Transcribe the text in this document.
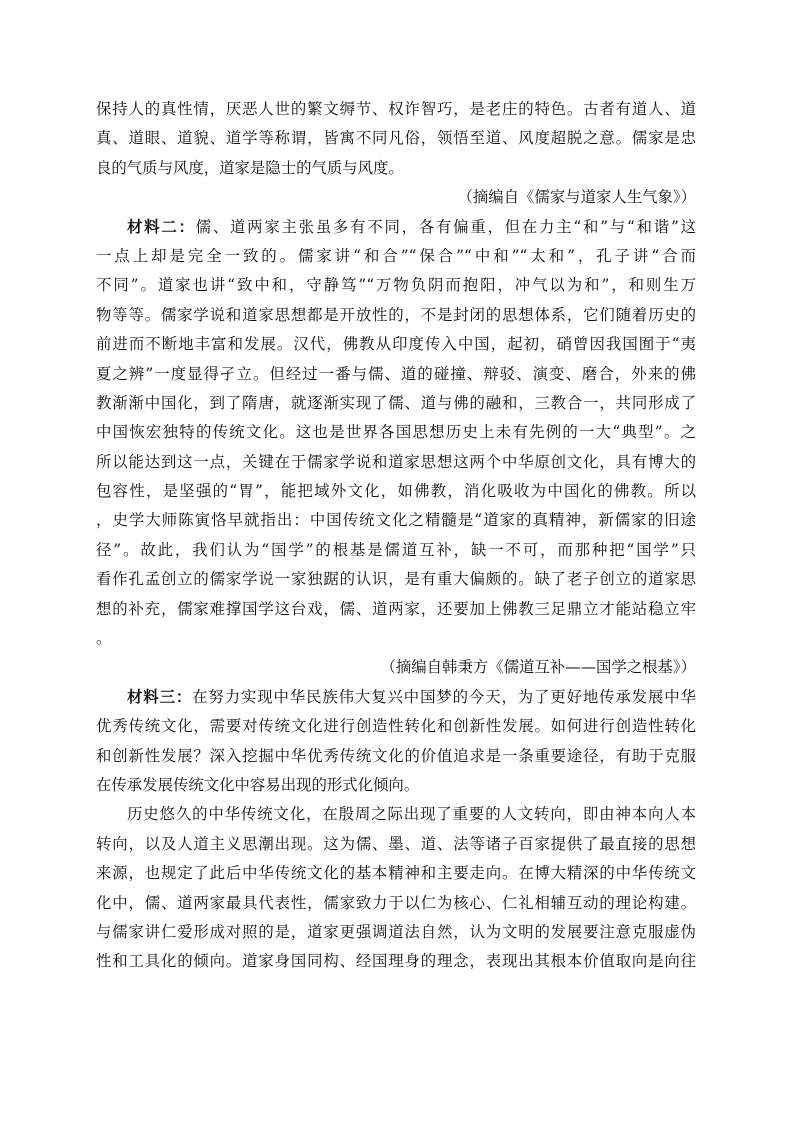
保持人的真性情，厌恶人世的繁文缛节、权诈智巧，是老庄的特色。古者有道人、道
真、道眼、道貌、道学等称谓，皆寓不同凡俗，领悟至道、风度超脱之意。儒家是忠
良的气质与风度，道家是隐士的气质与风度。
（摘编自《儒家与道家人生气象》）
材料二：儒、道两家主张虽多有不同，各有偏重，但在力主“和”与“和谐”这
一点上却是完全一致的。儒家讲“和合”“保合”“中和”“太和”，孔子讲“合而
不同”。道家也讲“致中和，守静笃”“万物负阴而抱阳，冲气以为和”，和则生万
物等等。儒家学说和道家思想都是开放性的，不是封闭的思想体系，它们随着历史的
前进而不断地丰富和发展。汉代，佛教从印度传入中国，起初，硝曾因我国囿于“夷
夏之辨”一度显得孑立。但经过一番与儒、道的碰撞、辩驳、演变、磨合，外来的佛
教渐渐中国化，到了隋唐，就逐渐实现了儒、道与佛的融和，三教合一，共同形成了
中国恢宏独特的传统文化。这也是世界各国思想历史上未有先例的一大“典型”。之
所以能达到这一点，关键在于儒家学说和道家思想这两个中华原创文化，具有博大的
包容性，是坚强的“胃”，能把域外文化，如佛教，消化吸收为中国化的佛教。所以
，史学大师陈寅恪早就指出：中国传统文化之精髓是“道家的真精神，新儒家的旧途
径”。故此，我们认为“国学”的根基是儒道互补，缺一不可，而那种把“国学”只
看作孔孟创立的儒家学说一家独踞的认识，是有重大偏颇的。缺了老子创立的道家思
想的补充，儒家难撑国学这台戏，儒、道两家，还要加上佛教三足鼎立才能站稳立牢
。
（摘编自韩秉方《儒道互补——国学之根基》）
材料三：在努力实现中华民族伟大复兴中国梦的今天，为了更好地传承发展中华
优秀传统文化，需要对传统文化进行创造性转化和创新性发展。如何进行创造性转化
和创新性发展？深入挖掘中华优秀传统文化的价值追求是一条重要途径，有助于克服
在传承发展传统文化中容易出现的形式化倾向。
历史悠久的中华传统文化，在殷周之际出现了重要的人文转向，即由神本向人本
转向，以及人道主义思潮出现。这为儒、墨、道、法等诸子百家提供了最直接的思想
来源，也规定了此后中华传统文化的基本精神和主要走向。在博大精深的中华传统文
化中，儒、道两家最具代表性，儒家致力于以仁为核心、仁礼相辅互动的理论构建。
与儒家讲仁爱形成对照的是，道家更强调道法自然，认为文明的发展要注意克服虚伪
性和工具化的倾向。道家身国同构、经国理身的理念，表现出其根本价值取向是向往
